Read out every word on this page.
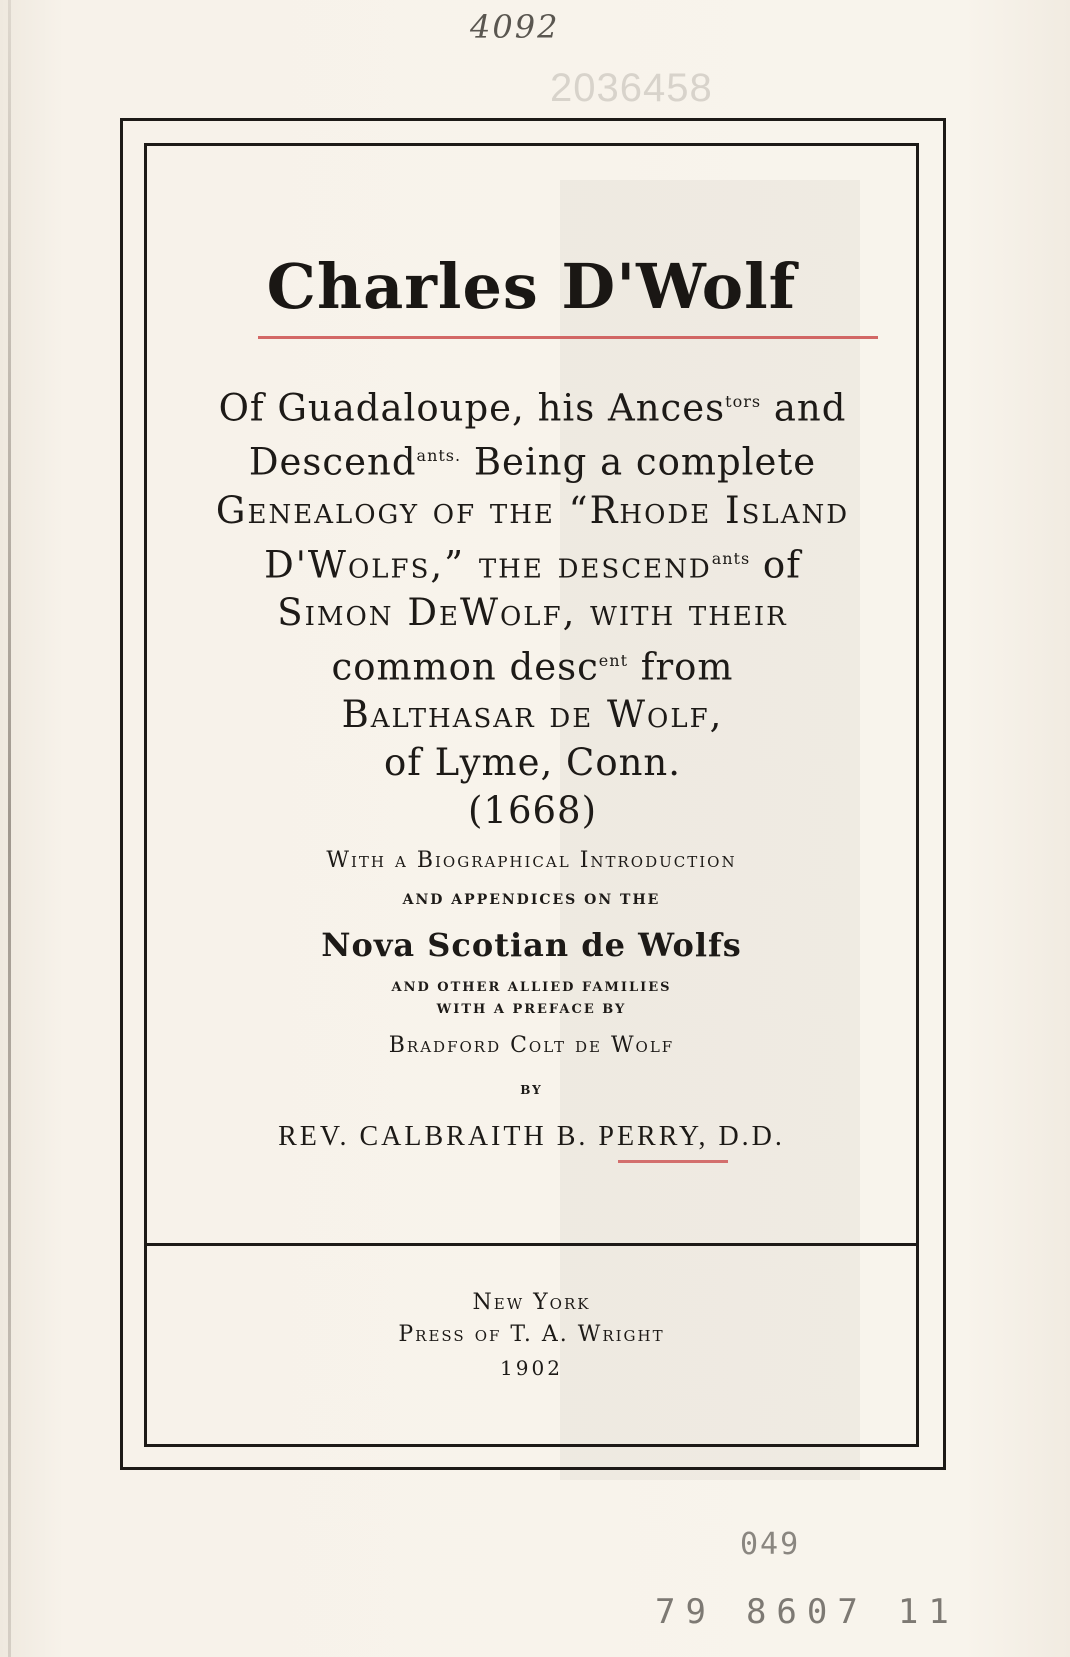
4092
2036458
Charles D'Wolf

Of Guadaloupe, his Ances$^{tors}$ and
Descend$^{ants.}$ Being a complete
Genealogy of the “Rhode Island
D'Wolfs,” the descend$^{ants}$ of
Simon DeWolf, with their
common desc$^{ent}$ from
Balthasar de Wolf,
of Lyme, Conn.
(1668)

With a Biographical Introduction
AND APPENDICES ON THE
Nova Scotian de Wolfs
AND OTHER ALLIED FAMILIES
WITH A PREFACE BY
Bradford Colt de Wolf
BY
REV. CALBRAITH B. PERRY, D.D.
New York
Press of T. A. Wright
1902
049
79 8607 11
